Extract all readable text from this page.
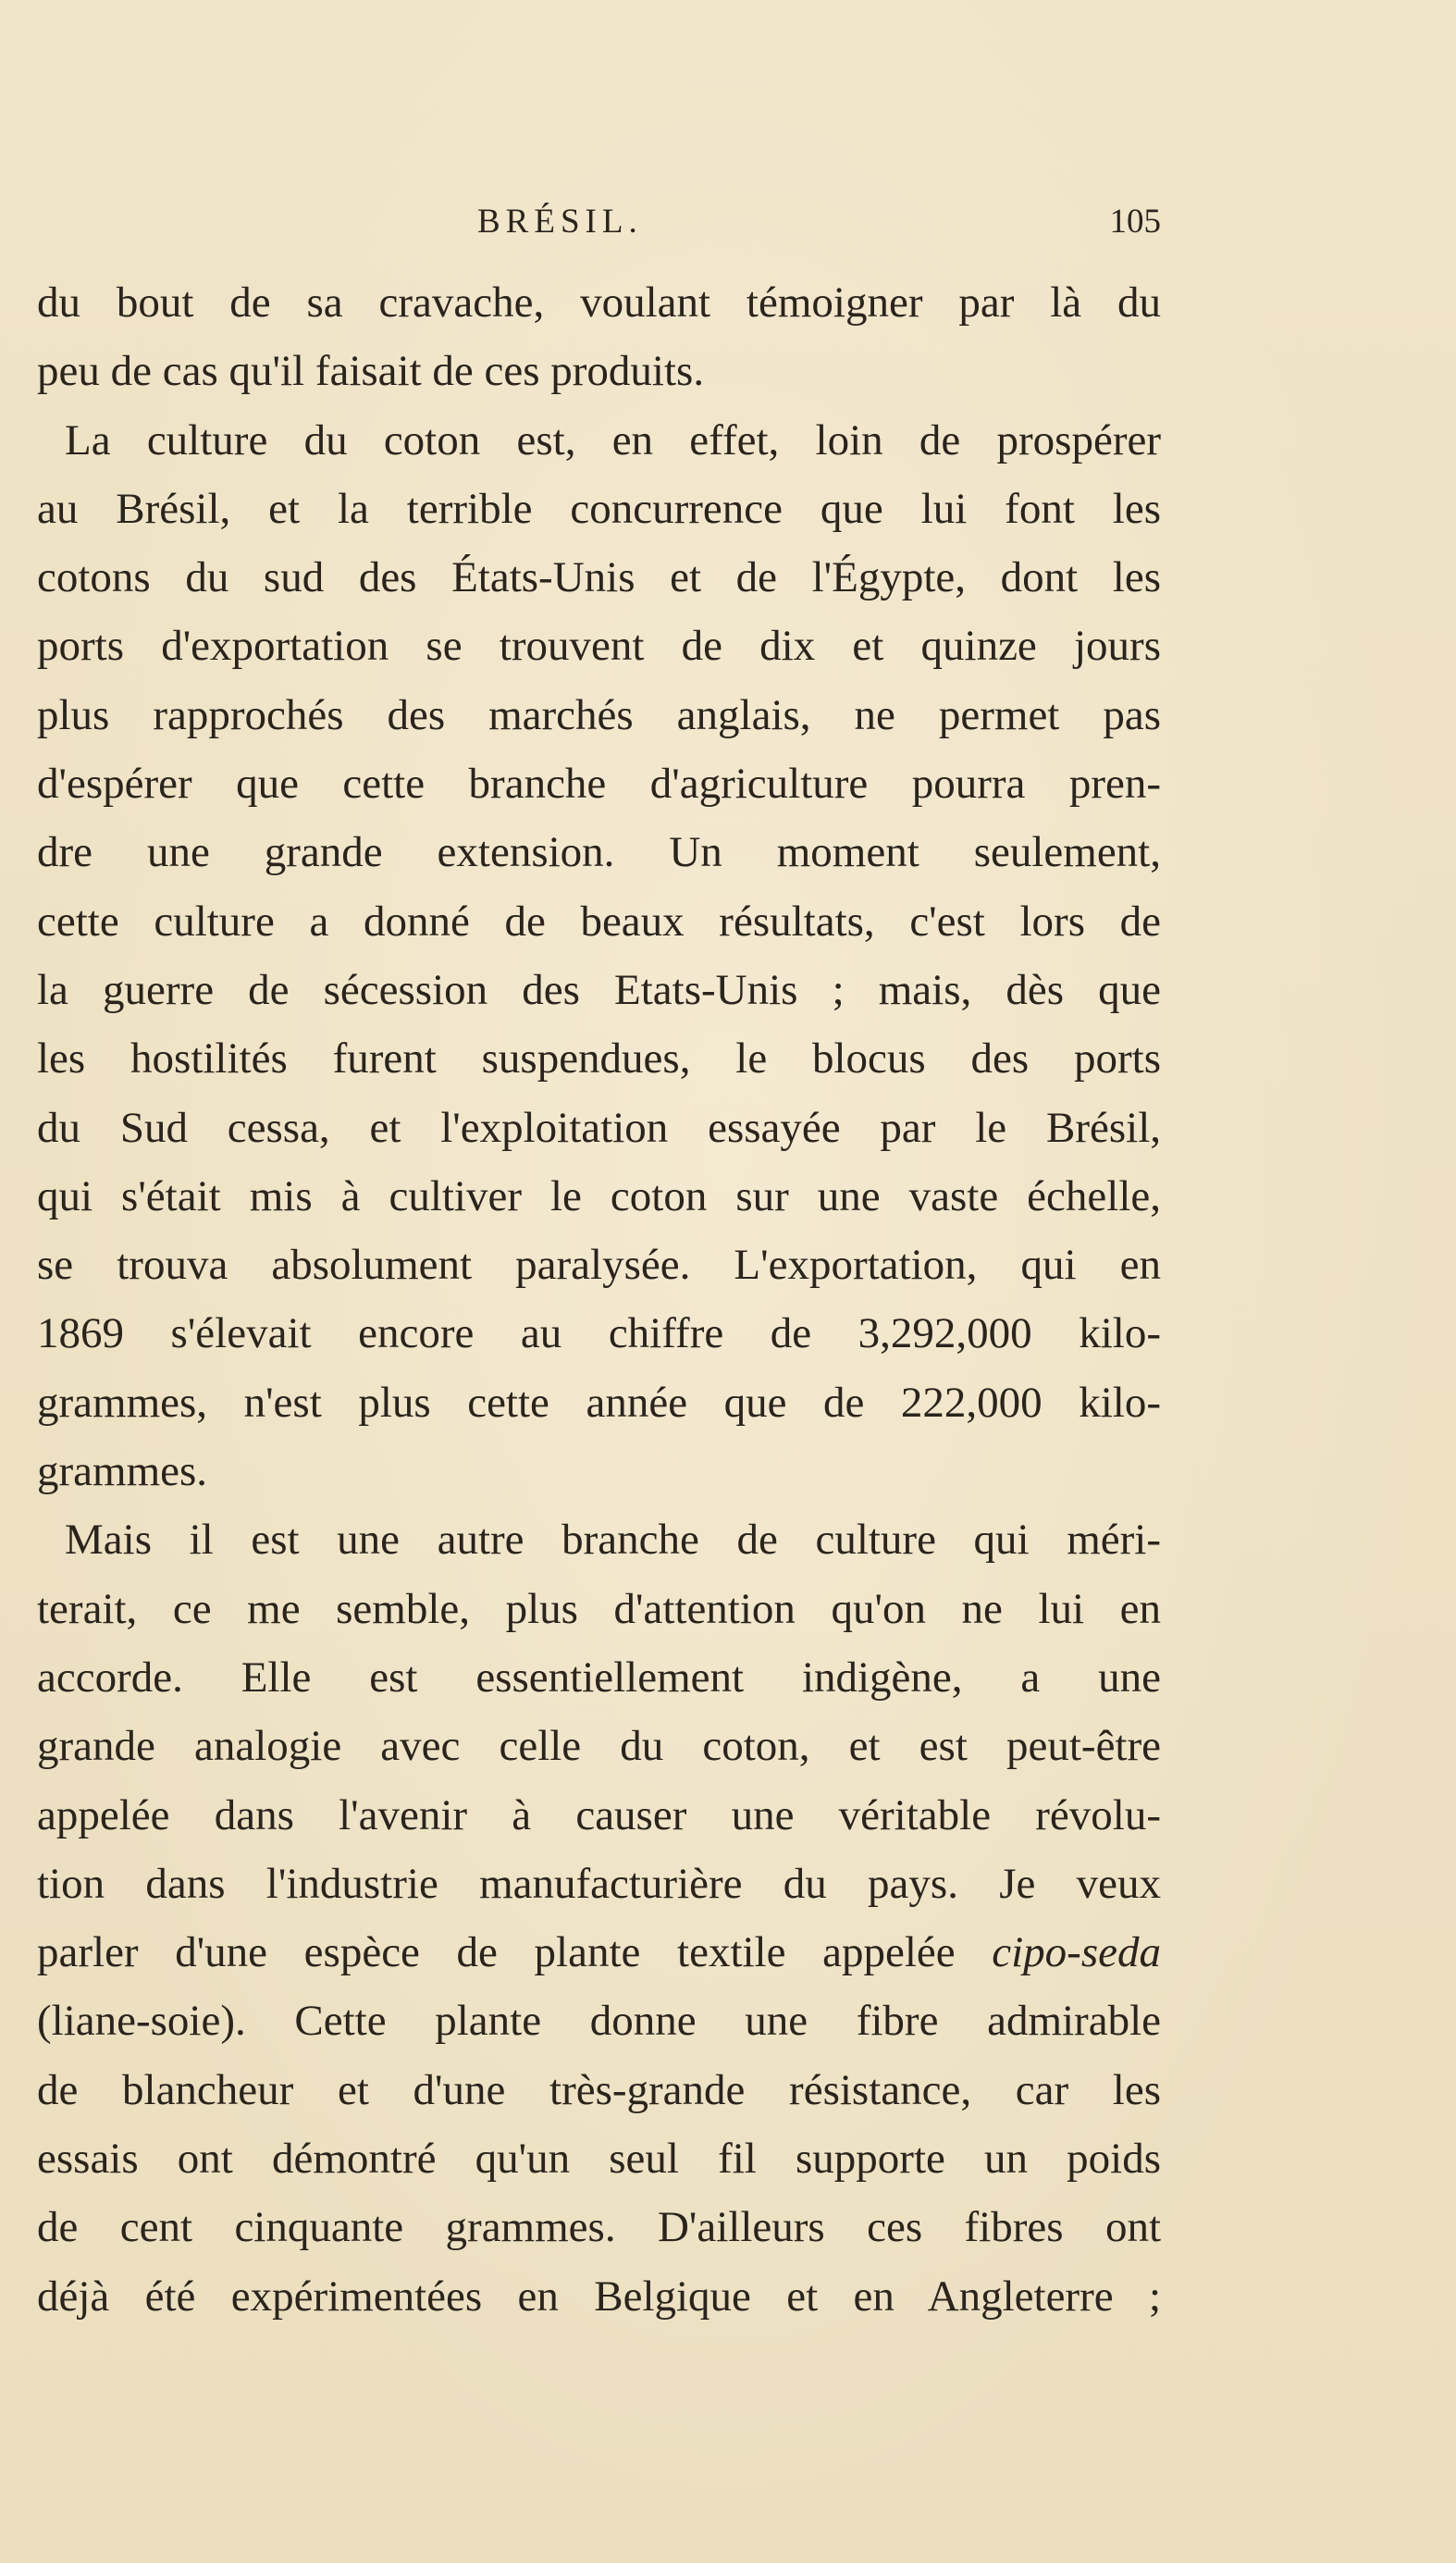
BRÉSIL.	105
du bout de sa cravache, voulant témoigner par là du
peu de cas qu'il faisait de ces produits.
La culture du coton est, en effet, loin de prospérer
au Brésil, et la terrible concurrence que lui font les
cotons du sud des États-Unis et de l'Égypte, dont les
ports d'exportation se trouvent de dix et quinze jours
plus rapprochés des marchés anglais, ne permet pas
d'espérer que cette branche d'agriculture pourra pren-
dre une grande extension. Un moment seulement,
cette culture a donné de beaux résultats, c'est lors de
la guerre de sécession des Etats-Unis ; mais, dès que
les hostilités furent suspendues, le blocus des ports
du Sud cessa, et l'exploitation essayée par le Brésil,
qui s'était mis à cultiver le coton sur une vaste échelle,
se trouva absolument paralysée. L'exportation, qui en
1869 s'élevait encore au chiffre de 3,292,000 kilo-
grammes, n'est plus cette année que de 222,000 kilo-
grammes.
Mais il est une autre branche de culture qui méri-
terait, ce me semble, plus d'attention qu'on ne lui en
accorde. Elle est essentiellement indigène, a une
grande analogie avec celle du coton, et est peut-être
appelée dans l'avenir à causer une véritable révolu-
tion dans l'industrie manufacturière du pays. Je veux
parler d'une espèce de plante textile appelée cipo-seda
(liane-soie). Cette plante donne une fibre admirable
de blancheur et d'une très-grande résistance, car les
essais ont démontré qu'un seul fil supporte un poids
de cent cinquante grammes. D'ailleurs ces fibres ont
déjà été expérimentées en Belgique et en Angleterre ;
